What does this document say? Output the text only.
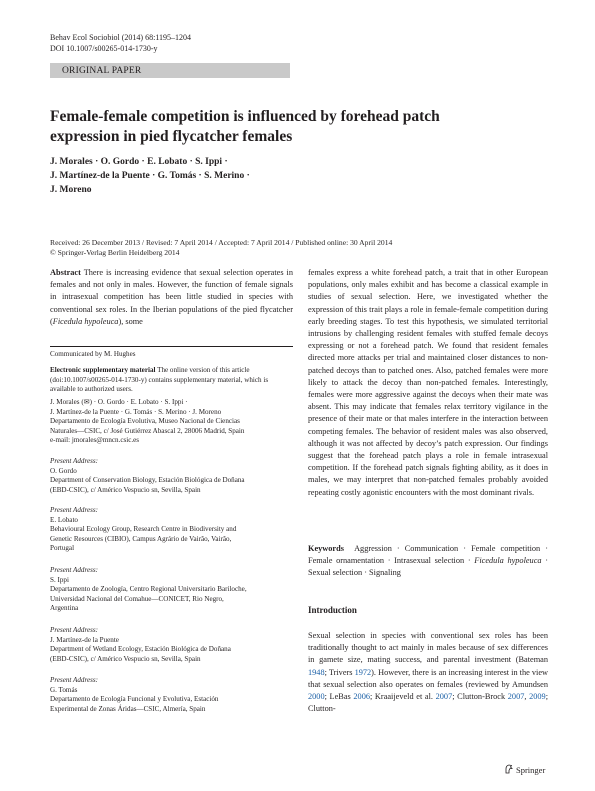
Behav Ecol Sociobiol (2014) 68:1195–1204
DOI 10.1007/s00265-014-1730-y
ORIGINAL PAPER
Female-female competition is influenced by forehead patch
expression in pied flycatcher females
J. Morales · O. Gordo · E. Lobato · S. Ippi ·
J. Martínez-de la Puente · G. Tomás · S. Merino ·
J. Moreno
Received: 26 December 2013 / Revised: 7 April 2014 / Accepted: 7 April 2014 / Published online: 30 April 2014
© Springer-Verlag Berlin Heidelberg 2014

Abstract There is increasing evidence that sexual selection operates in females and not only in males. However, the function of female signals in intrasexual competition has been little studied in species with conventional sex roles. In the Iberian populations of the pied flycatcher (Ficedula hypoleuca), some

Communicated by M. Hughes
Electronic supplementary material The online version of this article (doi:10.1007/s00265-014-1730-y) contains supplementary material, which is available to authorized users.
J. Morales (✉) · O. Gordo · E. Lobato · S. Ippi ·
J. Martínez-de la Puente · G. Tomás · S. Merino · J. Moreno
Departamento de Ecología Evolutiva, Museo Nacional de Ciencias
Naturales—CSIC, c/ José Gutiérrez Abascal 2, 28006 Madrid, Spain
e-mail: jmorales@mncn.csic.es
Present Address:
O. Gordo
Department of Conservation Biology, Estación Biológica de Doñana
(EBD-CSIC), c/ Américo Vespucio sn, Sevilla, Spain
Present Address:
E. Lobato
Behavioural Ecology Group, Research Centre in Biodiversity and
Genetic Resources (CIBIO), Campus Agrário de Vairão, Vairão,
Portugal
Present Address:
S. Ippi
Departamento de Zoología, Centro Regional Universitario Bariloche,
Universidad Nacional del Comahue—CONICET, Rio Negro,
Argentina
Present Address:
J. Martínez-de la Puente
Department of Wetland Ecology, Estación Biológica de Doñana
(EBD-CSIC), c/ Américo Vespucio sn, Sevilla, Spain
Present Address:
G. Tomás
Departamento de Ecología Funcional y Evolutiva, Estación
Experimental de Zonas Áridas—CSIC, Almería, Spain
females express a white forehead patch, a trait that in other European populations, only males exhibit and has become a classical example in studies of sexual selection. Here, we investigated whether the expression of this trait plays a role in female-female competition during early breeding stages. To test this hypothesis, we simulated territorial intrusions by challenging resident females with stuffed female decoys expressing or not a forehead patch. We found that resident females directed more attacks per trial and maintained closer distances to non-patched decoys than to patched ones. Also, patched females were more likely to attack the decoy than non-patched females. Interestingly, females were more aggressive against the decoys when their mate was absent. This may indicate that females relax territory vigilance in the presence of their mate or that males interfere in the interaction between competing females. The behavior of resident males was also observed, although it was not affected by decoy’s patch expression. Our findings suggest that the forehead patch plays a role in female intrasexual competition. If the forehead patch signals fighting ability, as it does in males, we may interpret that non-patched females probably avoided repeating costly agonistic encounters with the most dominant rivals.
Keywords Aggression · Communication · Female competition · Female ornamentation · Intrasexual selection · Ficedula hypoleuca · Sexual selection · Signaling
Introduction
Sexual selection in species with conventional sex roles has been traditionally thought to act mainly in males because of sex differences in gamete size, mating success, and parental investment (Bateman 1948; Trivers 1972). However, there is an increasing interest in the view that sexual selection also operates on females (reviewed by Amundsen 2000; LeBas 2006; Kraaijeveld et al. 2007; Clutton-Brock 2007, 2009; Clutton-
Springer
